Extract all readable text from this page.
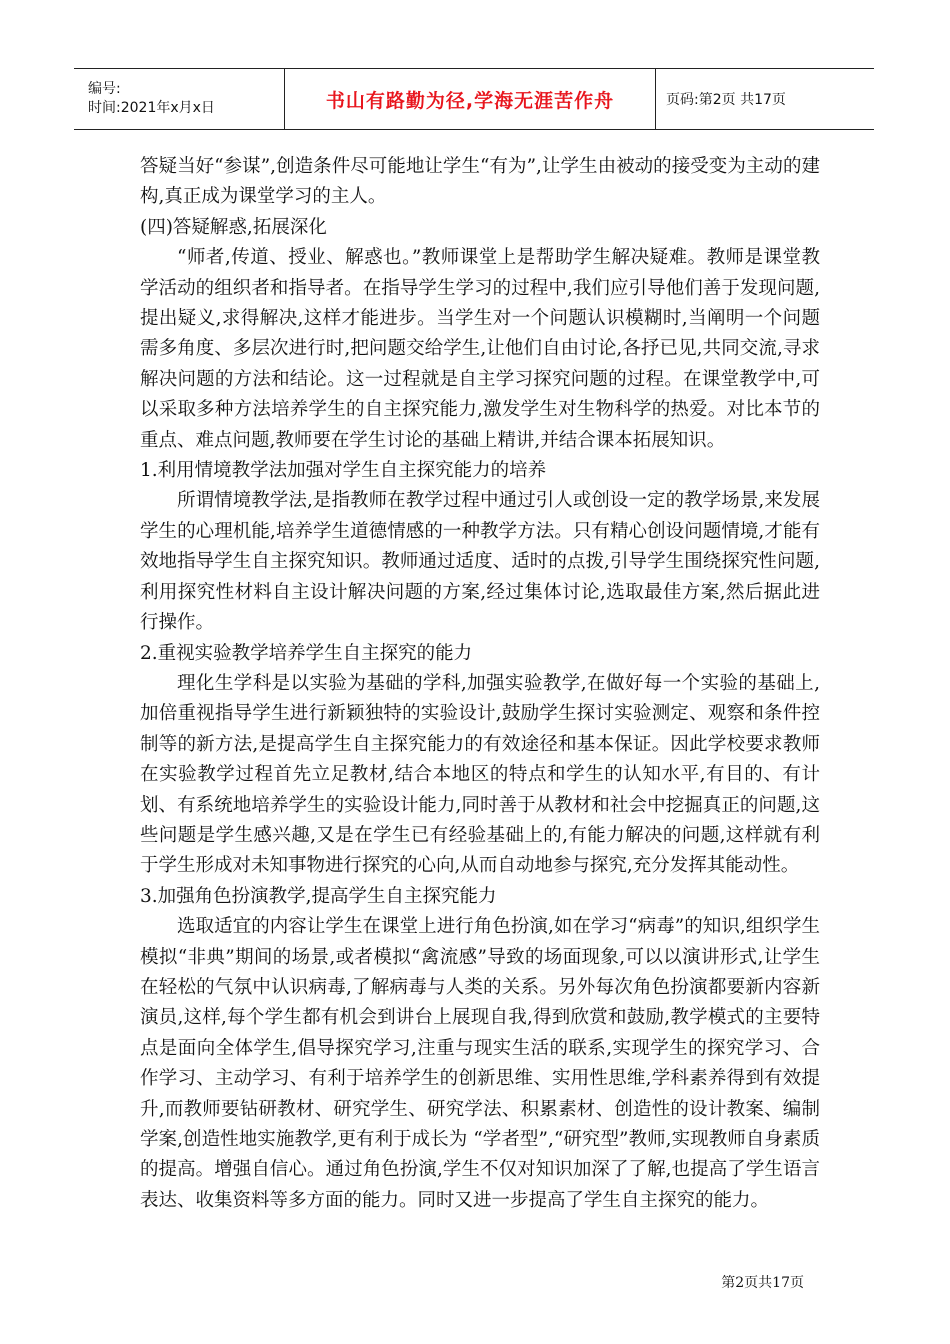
编号:
时间:2021年x月x日	书山有路勤为径,学海无涯苦作舟	页码:第2页 共17页

答疑当好“参谋”,创造条件尽可能地让学生“有为”,让学生由被动的接受变为主动的建构,真正成为课堂学习的主人。

(四)答疑解惑,拓展深化

“师者,传道、授业、解惑也。”教师课堂上是帮助学生解决疑难。教师是课堂教学活动的组织者和指导者。在指导学生学习的过程中,我们应引导他们善于发现问题,提出疑义,求得解决,这样才能进步。当学生对一个问题认识模糊时,当阐明一个问题需多角度、多层次进行时,把问题交给学生,让他们自由讨论,各抒已见,共同交流,寻求解决问题的方法和结论。这一过程就是自主学习探究问题的过程。在课堂教学中,可以采取多种方法培养学生的自主探究能力,激发学生对生物科学的热爱。对比本节的重点、难点问题,教师要在学生讨论的基础上精讲,并结合课本拓展知识。

1.利用情境教学法加强对学生自主探究能力的培养

所谓情境教学法,是指教师在教学过程中通过引人或创设一定的教学场景,来发展学生的心理机能,培养学生道德情感的一种教学方法。只有精心创设问题情境,才能有效地指导学生自主探究知识。教师通过适度、适时的点拨,引导学生围绕探究性问题,利用探究性材料自主设计解决问题的方案,经过集体讨论,选取最佳方案,然后据此进行操作。

2.重视实验教学培养学生自主探究的能力

理化生学科是以实验为基础的学科,加强实验教学,在做好每一个实验的基础上,加倍重视指导学生进行新颖独特的实验设计,鼓励学生探讨实验测定、观察和条件控制等的新方法,是提高学生自主探究能力的有效途径和基本保证。因此学校要求教师在实验教学过程首先立足教材,结合本地区的特点和学生的认知水平,有目的、有计划、有系统地培养学生的实验设计能力,同时善于从教材和社会中挖掘真正的问题,这些问题是学生感兴趣,又是在学生已有经验基础上的,有能力解决的问题,这样就有利于学生形成对未知事物进行探究的心向,从而自动地参与探究,充分发挥其能动性。

3.加强角色扮演教学,提高学生自主探究能力

选取适宜的内容让学生在课堂上进行角色扮演,如在学习“病毒”的知识,组织学生模拟“非典”期间的场景,或者模拟“禽流感”导致的场面现象,可以以演讲形式,让学生在轻松的气氛中认识病毒,了解病毒与人类的关系。另外每次角色扮演都要新内容新演员,这样,每个学生都有机会到讲台上展现自我,得到欣赏和鼓励,教学模式的主要特点是面向全体学生,倡导探究学习,注重与现实生活的联系,实现学生的探究学习、合作学习、主动学习、有利于培养学生的创新思维、实用性思维,学科素养得到有效提升,而教师要钻研教材、研究学生、研究学法、积累素材、创造性的设计教案、编制学案,创造性地实施教学,更有利于成长为 “学者型”,“研究型”教师,实现教师自身素质的提高。增强自信心。通过角色扮演,学生不仅对知识加深了了解,也提高了学生语言表达、收集资料等多方面的能力。同时又进一步提高了学生自主探究的能力。

第2页共17页
